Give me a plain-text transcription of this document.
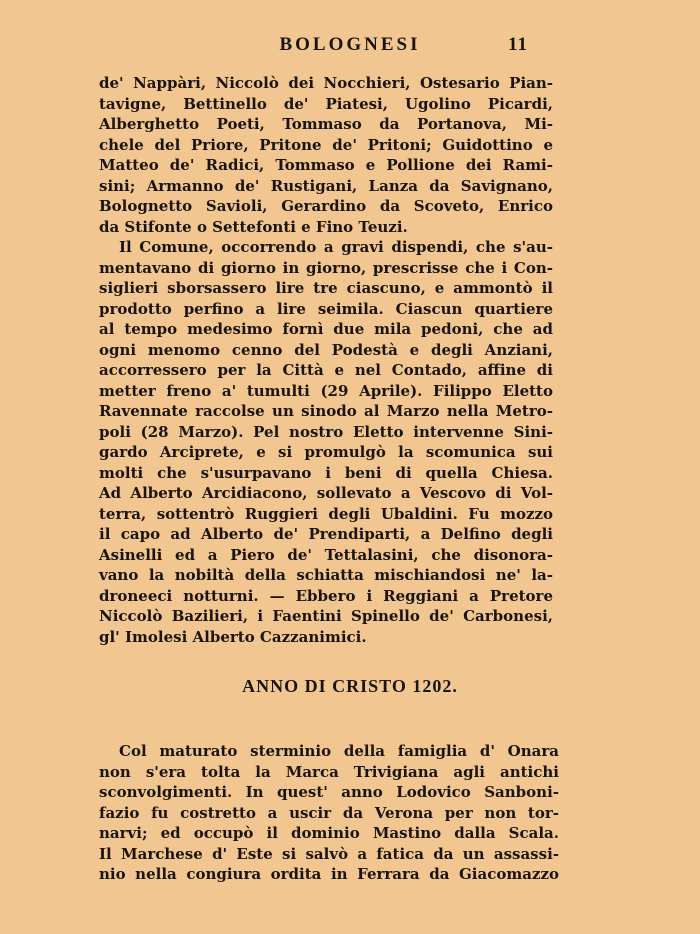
BOLOGNESI	11
de' Nappàri, Niccolò dei Nocchieri, Ostesario Pian-
tavigne, Bettinello de' Piatesi, Ugolino Picardi,
Alberghetto Poeti, Tommaso da Portanova, Mi-
chele del Priore, Pritone de' Pritoni; Guidottino e
Matteo de' Radici, Tommaso e Pollione dei Rami-
sini; Armanno de' Rustigani, Lanza da Savignano,
Bolognetto Savioli, Gerardino da Scoveto, Enrico
da Stifonte o Settefonti e Fino Teuzi.
Il Comune, occorrendo a gravi dispendi, che s'au-
mentavano di giorno in giorno, prescrisse che i Con-
siglieri sborsassero lire tre ciascuno, e ammontò il
prodotto perfino a lire seimila. Ciascun quartiere
al tempo medesimo fornì due mila pedoni, che ad
ogni menomo cenno del Podestà e degli Anziani,
accorressero per la Città e nel Contado, affine di
metter freno a' tumulti (29 Aprile). Filippo Eletto
Ravennate raccolse un sinodo al Marzo nella Metro-
poli (28 Marzo). Pel nostro Eletto intervenne Sini-
gardo Arciprete, e si promulgò la scomunica sui
molti che s'usurpavano i beni di quella Chiesa.
Ad Alberto Arcidiacono, sollevato a Vescovo di Vol-
terra, sottentrò Ruggieri degli Ubaldini. Fu mozzo
il capo ad Alberto de' Prendiparti, a Delfino degli
Asinelli ed a Piero de' Tettalasini, che disonora-
vano la nobiltà della schiatta mischiandosi ne' la-
droneeci notturni. — Ebbero i Reggiani a Pretore
Niccolò Bazilieri, i Faentini Spinello de' Carbonesi,
gl' Imolesi Alberto Cazzanimici.
ANNO DI CRISTO 1202.
Col maturato sterminio della famiglia d' Onara
non s'era tolta la Marca Trivigiana agli antichi
sconvolgimenti. In quest' anno Lodovico Sanboni-
fazio fu costretto a uscir da Verona per non tor-
narvi; ed occupò il dominio Mastino dalla Scala.
Il Marchese d' Este si salvò a fatica da un assassi-
nio nella congiura ordita in Ferrara da Giacomazzo
